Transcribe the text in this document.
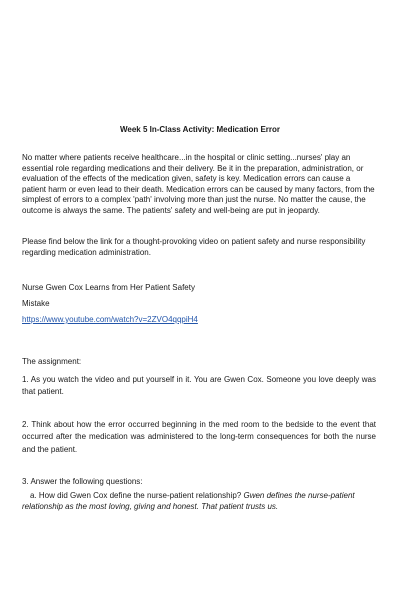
Week 5 In-Class Activity: Medication Error

No matter where patients receive healthcare...in the hospital or clinic setting...nurses' play an essential role regarding medications and their delivery. Be it in the preparation, administration, or evaluation of the effects of the medication given, safety is key. Medication errors can cause a patient harm or even lead to their death. Medication errors can be caused by many factors, from the simplest of errors to a complex 'path' involving more than just the nurse. No matter the cause, the outcome is always the same. The patients' safety and well-being are put in jeopardy.

Please find below the link for a thought-provoking video on patient safety and nurse responsibility regarding medication administration.

Nurse Gwen Cox Learns from Her Patient Safety

Mistake

https://www.youtube.com/watch?v=2ZVO4qqpiH4

The assignment:

1. As you watch the video and put yourself in it. You are Gwen Cox. Someone you love deeply was that patient.

2. Think about how the error occurred beginning in the med room to the bedside to the event that occurred after the medication was administered to the long-term consequences for both the nurse and the patient.

3. Answer the following questions:

a. How did Gwen Cox define the nurse-patient relationship? Gwen defines the nurse-patient relationship as the most loving, giving and honest. That patient trusts us.
